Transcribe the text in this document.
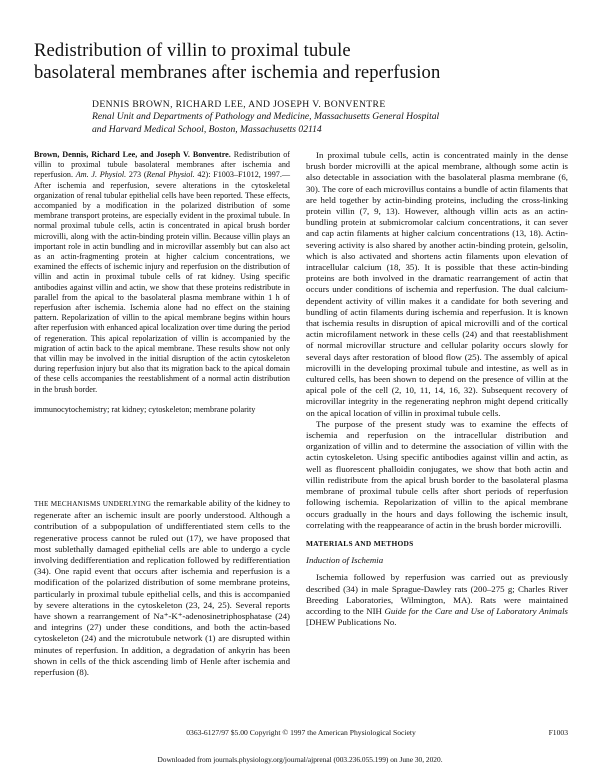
Redistribution of villin to proximal tubule
basolateral membranes after ischemia and reperfusion
DENNIS BROWN, RICHARD LEE, AND JOSEPH V. BONVENTRE
Renal Unit and Departments of Pathology and Medicine, Massachusetts General Hospital
and Harvard Medical School, Boston, Massachusetts 02114

Brown, Dennis, Richard Lee, and Joseph V. Bonventre. Redistribution of villin to proximal tubule basolateral membranes after ischemia and reperfusion. Am. J. Physiol. 273 (Renal Physiol. 42): F1003–F1012, 1997.—After ischemia and reperfusion, severe alterations in the cytoskeletal organization of renal tubular epithelial cells have been reported. These effects, accompanied by a modification in the polarized distribution of some membrane transport proteins, are especially evident in the proximal tubule. In normal proximal tubule cells, actin is concentrated in apical brush border microvilli, along with the actin-binding protein villin. Because villin plays an important role in actin bundling and in microvillar assembly but can also act as an actin-fragmenting protein at higher calcium concentrations, we examined the effects of ischemic injury and reperfusion on the distribution of villin and actin in proximal tubule cells of rat kidney. Using specific antibodies against villin and actin, we show that these proteins redistribute in parallel from the apical to the basolateral plasma membrane within 1 h of reperfusion after ischemia. Ischemia alone had no effect on the staining pattern. Repolarization of villin to the apical membrane begins within hours after reperfusion with enhanced apical localization over time during the period of regeneration. This apical repolarization of villin is accompanied by the migration of actin back to the apical membrane. These results show not only that villin may be involved in the initial disruption of the actin cytoskeleton during reperfusion injury but also that its migration back to the apical domain of these cells accompanies the reestablishment of a normal actin distribution in the brush border.

immunocytochemistry; rat kidney; cytoskeleton; membrane polarity

THE MECHANISMS UNDERLYING the remarkable ability of the kidney to regenerate after an ischemic insult are poorly understood. Although a contribution of a subpopulation of undifferentiated stem cells to the regenerative process cannot be ruled out (17), we have proposed that most sublethally damaged epithelial cells are able to undergo a cycle involving dedifferentiation and replication followed by redifferentiation (34). One rapid event that occurs after ischemia and reperfusion is a modification of the polarized distribution of some membrane proteins, particularly in proximal tubule epithelial cells, and this is accompanied by severe alterations in the cytoskeleton (23, 24, 25). Several reports have shown a rearrangement of Na⁺-K⁺-adenosinetriphosphatase (24) and integrins (27) under these conditions, and both the actin-based cytoskeleton (24) and the microtubule network (1) are disrupted within minutes of reperfusion. In addition, a degradation of ankyrin has been shown in cells of the thick ascending limb of Henle after ischemia and reperfusion (8).

In proximal tubule cells, actin is concentrated mainly in the dense brush border microvilli at the apical membrane, although some actin is also detectable in association with the basolateral plasma membrane (6, 30). The core of each microvillus contains a bundle of actin filaments that are held together by actin-binding proteins, including the cross-linking protein villin (7, 9, 13). However, although villin acts as an actin-bundling protein at submicromolar calcium concentrations, it can sever and cap actin filaments at higher calcium concentrations (13, 18). Actin-severing activity is also shared by another actin-binding protein, gelsolin, which is also activated and shortens actin filaments upon elevation of intracellular calcium (18, 35). It is possible that these actin-binding proteins are both involved in the dramatic rearrangement of actin that occurs under conditions of ischemia and reperfusion. The dual calcium-dependent activity of villin makes it a candidate for both severing and bundling of actin filaments during ischemia and reperfusion. It is known that ischemia results in disruption of apical microvilli and of the cortical actin microfilament network in these cells (24) and that reestablishment of normal microvillar structure and cellular polarity occurs slowly for several days after restoration of blood flow (25). The assembly of apical microvilli in the developing proximal tubule and intestine, as well as in cultured cells, has been shown to depend on the presence of villin at the apical pole of the cell (2, 10, 11, 14, 16, 32). Subsequent recovery of microvillar integrity in the regenerating nephron might depend critically on the apical location of villin in proximal tubule cells.

The purpose of the present study was to examine the effects of ischemia and reperfusion on the intracellular distribution and organization of villin and to determine the association of villin with the actin cytoskeleton. Using specific antibodies against villin and actin, as well as fluorescent phalloidin conjugates, we show that both actin and villin redistribute from the apical brush border to the basolateral plasma membrane of proximal tubule cells after short periods of reperfusion following ischemia. Repolarization of villin to the apical membrane occurs gradually in the hours and days following the ischemic insult, correlating with the reappearance of actin in the brush border microvilli.

MATERIALS AND METHODS

Induction of Ischemia

Ischemia followed by reperfusion was carried out as previously described (34) in male Sprague-Dawley rats (200–275 g; Charles River Breeding Laboratories, Wilmington, MA). Rats were maintained according to the NIH Guide for the Care and Use of Laboratory Animals [DHEW Publications No.

0363-6127/97 $5.00 Copyright © 1997 the American Physiological Society	F1003
Downloaded from journals.physiology.org/journal/ajprenal (003.236.055.199) on June 30, 2020.
